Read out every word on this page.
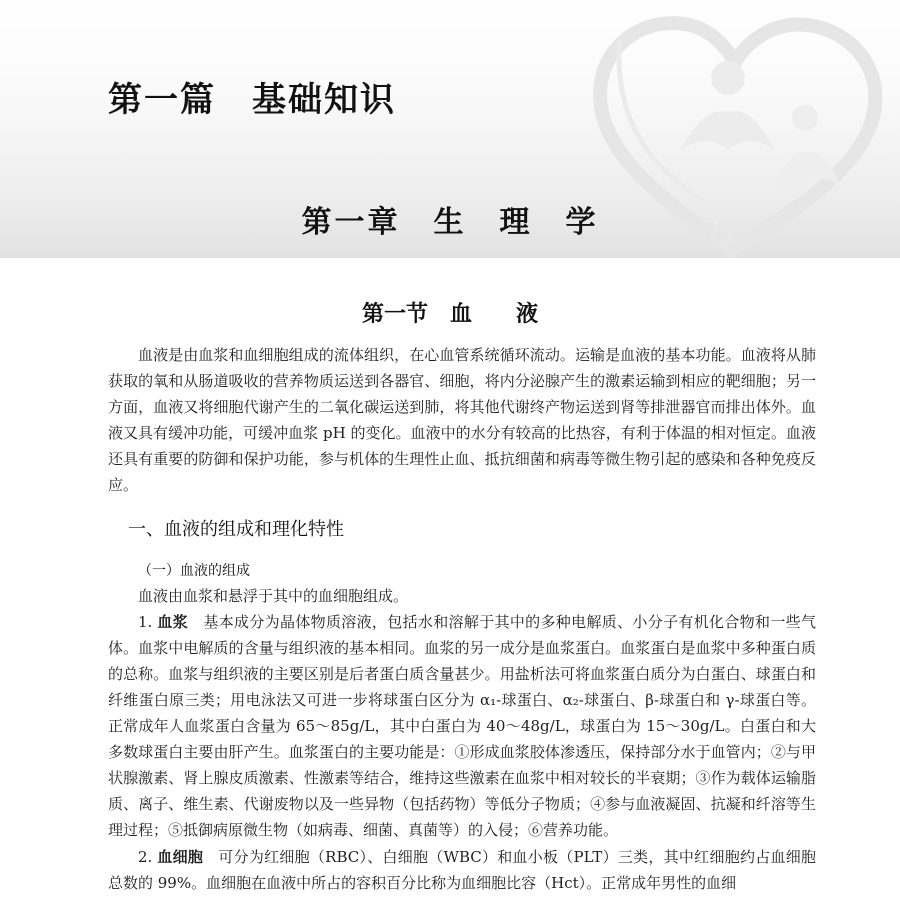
第一篇　基础知识
第一章　生　理　学
第一节　血　　液

血液是由血浆和血细胞组成的流体组织，在心血管系统循环流动。运输是血液的基本功能。血液将从肺获取的氧和从肠道吸收的营养物质运送到各器官、细胞，将内分泌腺产生的激素运输到相应的靶细胞；另一方面，血液又将细胞代谢产生的二氧化碳运送到肺，将其他代谢终产物运送到肾等排泄器官而排出体外。血液又具有缓冲功能，可缓冲血浆 pH 的变化。血液中的水分有较高的比热容，有利于体温的相对恒定。血液还具有重要的防御和保护功能，参与机体的生理性止血、抵抗细菌和病毒等微生物引起的感染和各种免疫反应。

一、血液的组成和理化特性
（一）血液的组成

血液由血浆和悬浮于其中的血细胞组成。

1. 血浆　基本成分为晶体物质溶液，包括水和溶解于其中的多种电解质、小分子有机化合物和一些气体。血浆中电解质的含量与组织液的基本相同。血浆的另一成分是血浆蛋白。血浆蛋白是血浆中多种蛋白质的总称。血浆与组织液的主要区别是后者蛋白质含量甚少。用盐析法可将血浆蛋白质分为白蛋白、球蛋白和纤维蛋白原三类；用电泳法又可进一步将球蛋白区分为 α₁-球蛋白、α₂-球蛋白、β-球蛋白和 γ-球蛋白等。正常成年人血浆蛋白含量为 65～85g/L，其中白蛋白为 40～48g/L，球蛋白为 15～30g/L。白蛋白和大多数球蛋白主要由肝产生。血浆蛋白的主要功能是：①形成血浆胶体渗透压，保持部分水于血管内；②与甲状腺激素、肾上腺皮质激素、性激素等结合，维持这些激素在血浆中相对较长的半衰期；③作为载体运输脂质、离子、维生素、代谢废物以及一些异物（包括药物）等低分子物质；④参与血液凝固、抗凝和纤溶等生理过程；⑤抵御病原微生物（如病毒、细菌、真菌等）的入侵；⑥营养功能。

2. 血细胞　可分为红细胞（RBC）、白细胞（WBC）和血小板（PLT）三类，其中红细胞约占血细胞总数的 99%。血细胞在血液中所占的容积百分比称为血细胞比容（Hct）。正常成年男性的血细
